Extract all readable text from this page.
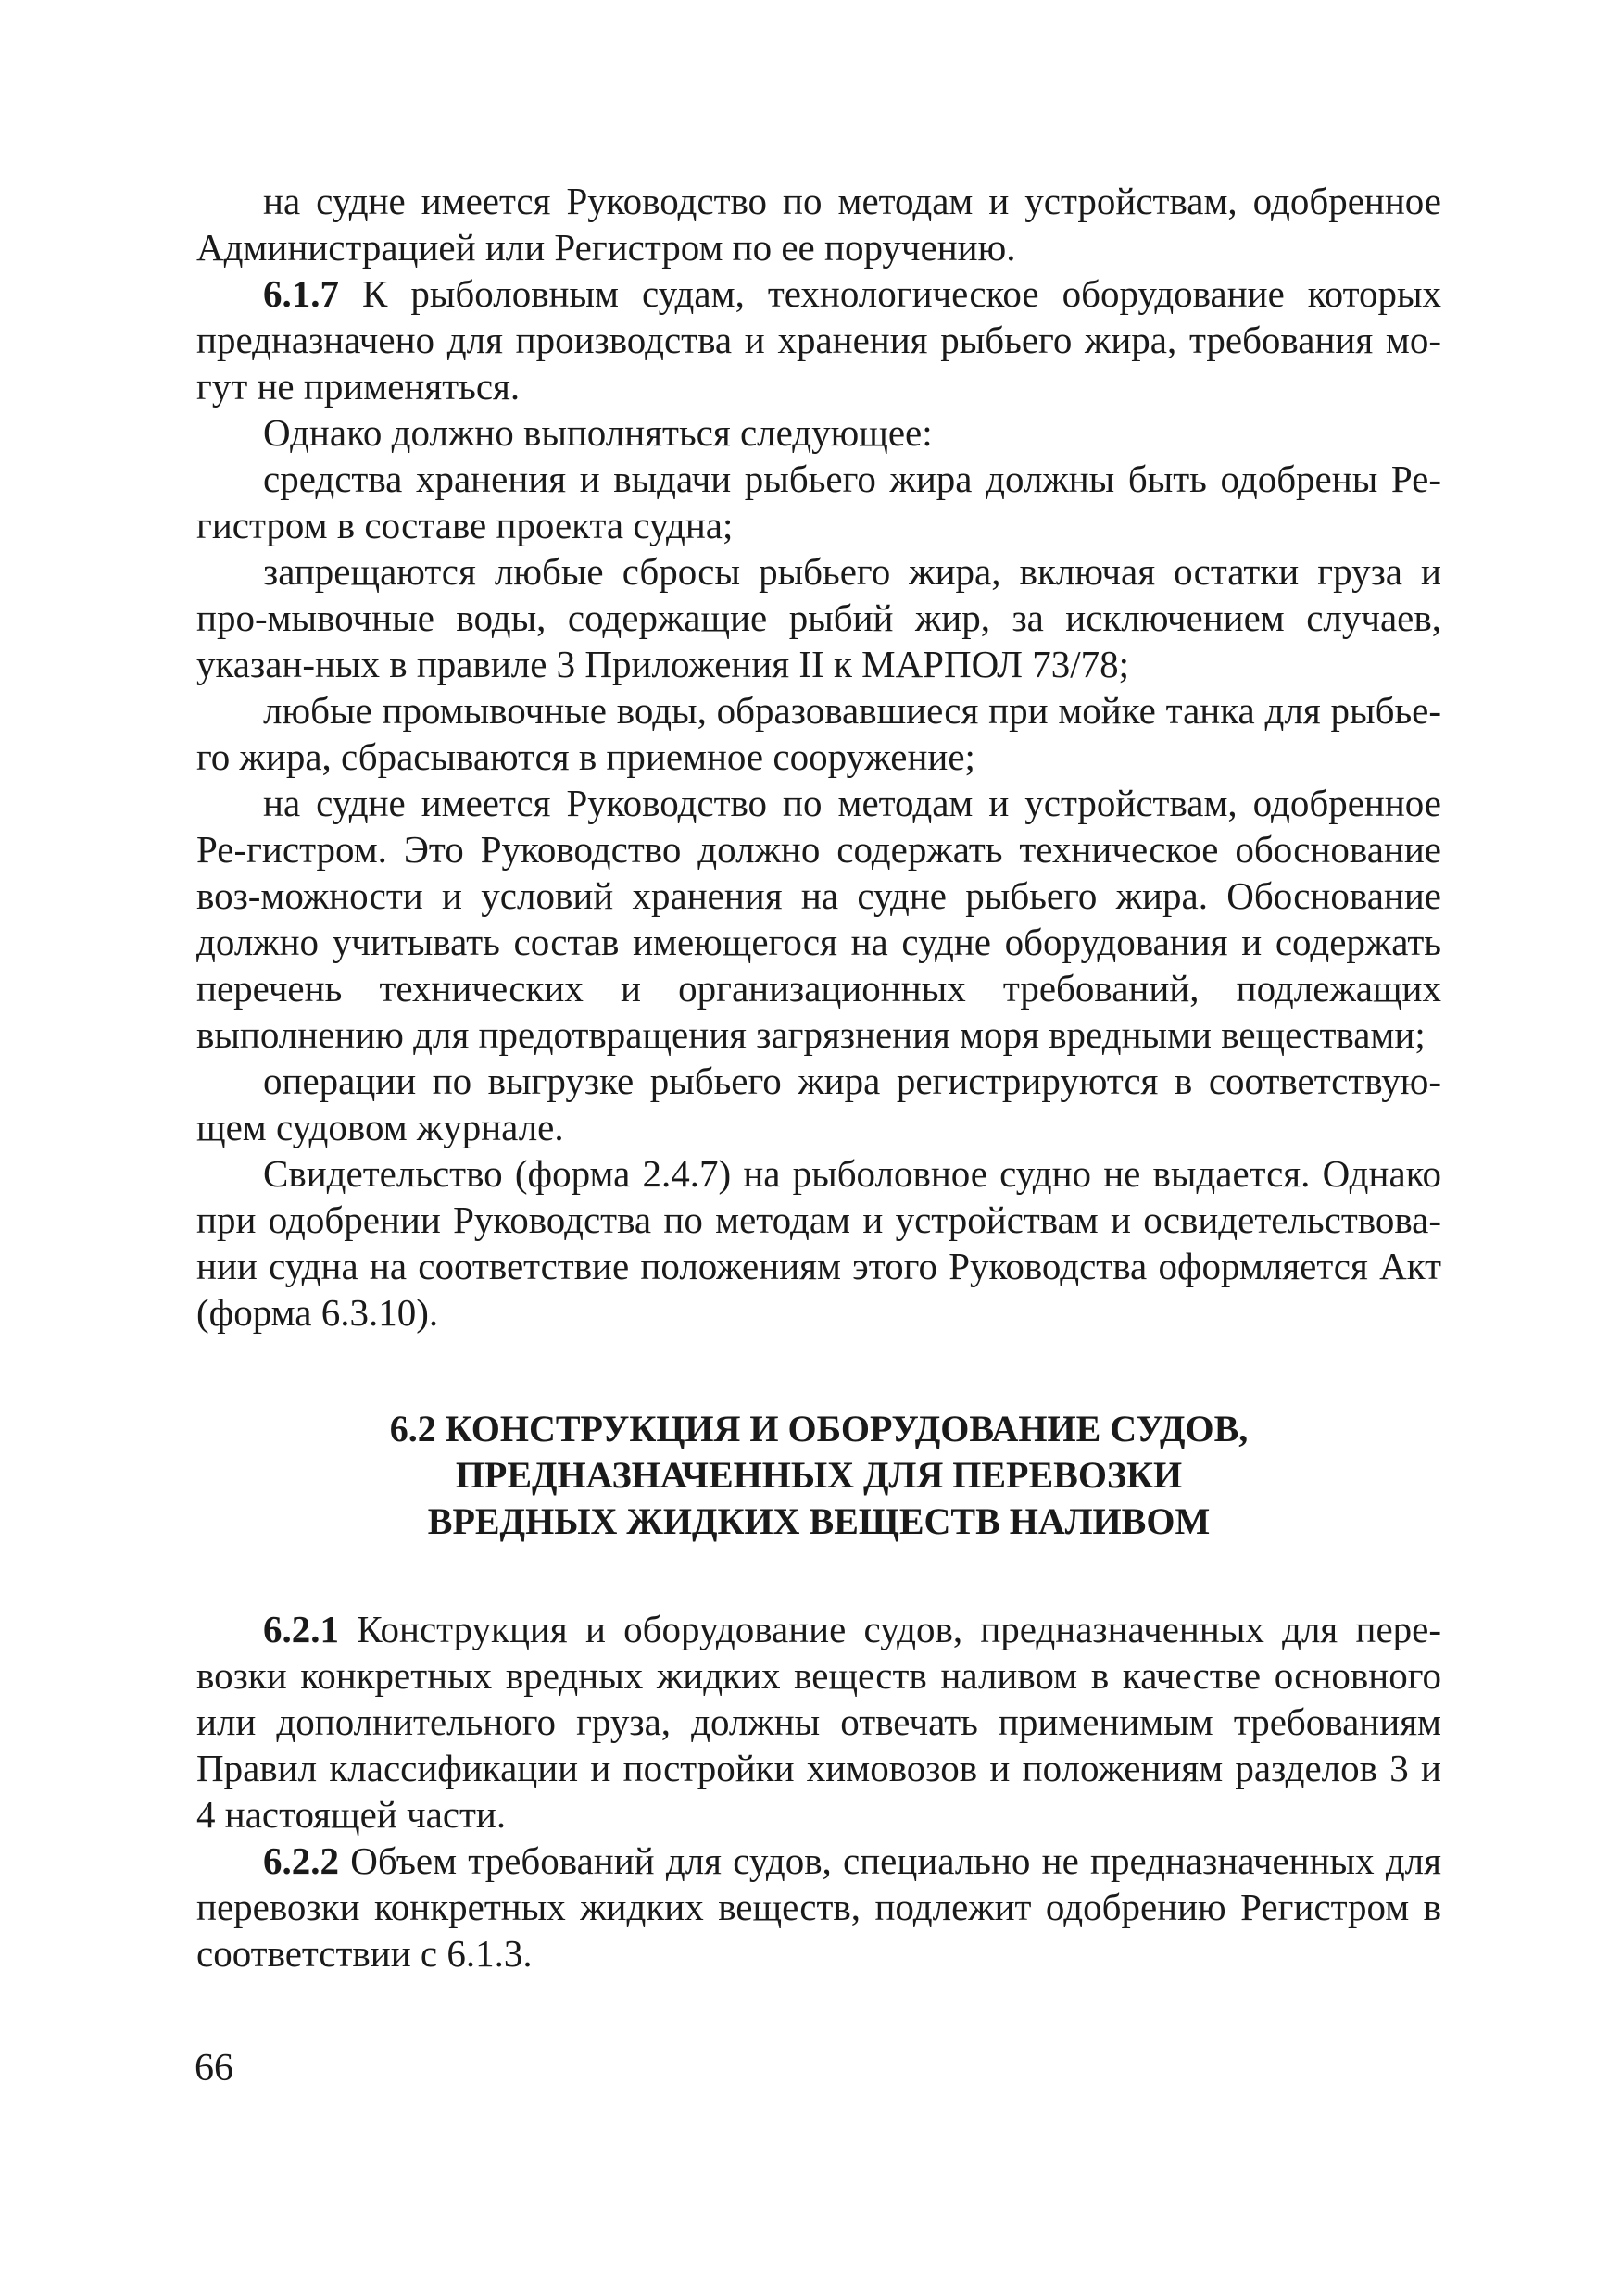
на судне имеется Руководство по методам и устройствам, одобренное Администрацией или Регистром по ее поручению.

6.1.7 К рыболовным судам, технологическое оборудование которых предназначено для производства и хранения рыбьего жира, требования мо-гут не применяться.

Однако должно выполняться следующее:

средства хранения и выдачи рыбьего жира должны быть одобрены Ре-гистром в составе проекта судна;

запрещаются любые сбросы рыбьего жира, включая остатки груза и про-мывочные воды, содержащие рыбий жир, за исключением случаев, указан-ных в правиле 3 Приложения II к МАРПОЛ 73/78;

любые промывочные воды, образовавшиеся при мойке танка для рыбье-го жира, сбрасываются в приемное сооружение;

на судне имеется Руководство по методам и устройствам, одобренное Ре-гистром. Это Руководство должно содержать техническое обоснование воз-можности и условий хранения на судне рыбьего жира. Обоснование должно учитывать состав имеющегося на судне оборудования и содержать перечень технических и организационных требований, подлежащих выполнению для предотвращения загрязнения моря вредными веществами;

операции по выгрузке рыбьего жира регистрируются в соответствую-щем судовом журнале.

Свидетельство (форма 2.4.7) на рыболовное судно не выдается. Однако при одобрении Руководства по методам и устройствам и освидетельствова-нии судна на соответствие положениям этого Руководства оформляется Акт (форма 6.3.10).

6.2 КОНСТРУКЦИЯ И ОБОРУДОВАНИЕ СУДОВ,
ПРЕДНАЗНАЧЕННЫХ ДЛЯ ПЕРЕВОЗКИ
ВРЕДНЫХ ЖИДКИХ ВЕЩЕСТВ НАЛИВОМ

6.2.1 Конструкция и оборудование судов, предназначенных для пере-возки конкретных вредных жидких веществ наливом в качестве основного или дополнительного груза, должны отвечать применимым требованиям Правил классификации и постройки химовозов и положениям разделов 3 и 4 настоящей части.

6.2.2 Объем требований для судов, специально не предназначенных для перевозки конкретных жидких веществ, подлежит одобрению Регистром в соответствии с 6.1.3.

66
